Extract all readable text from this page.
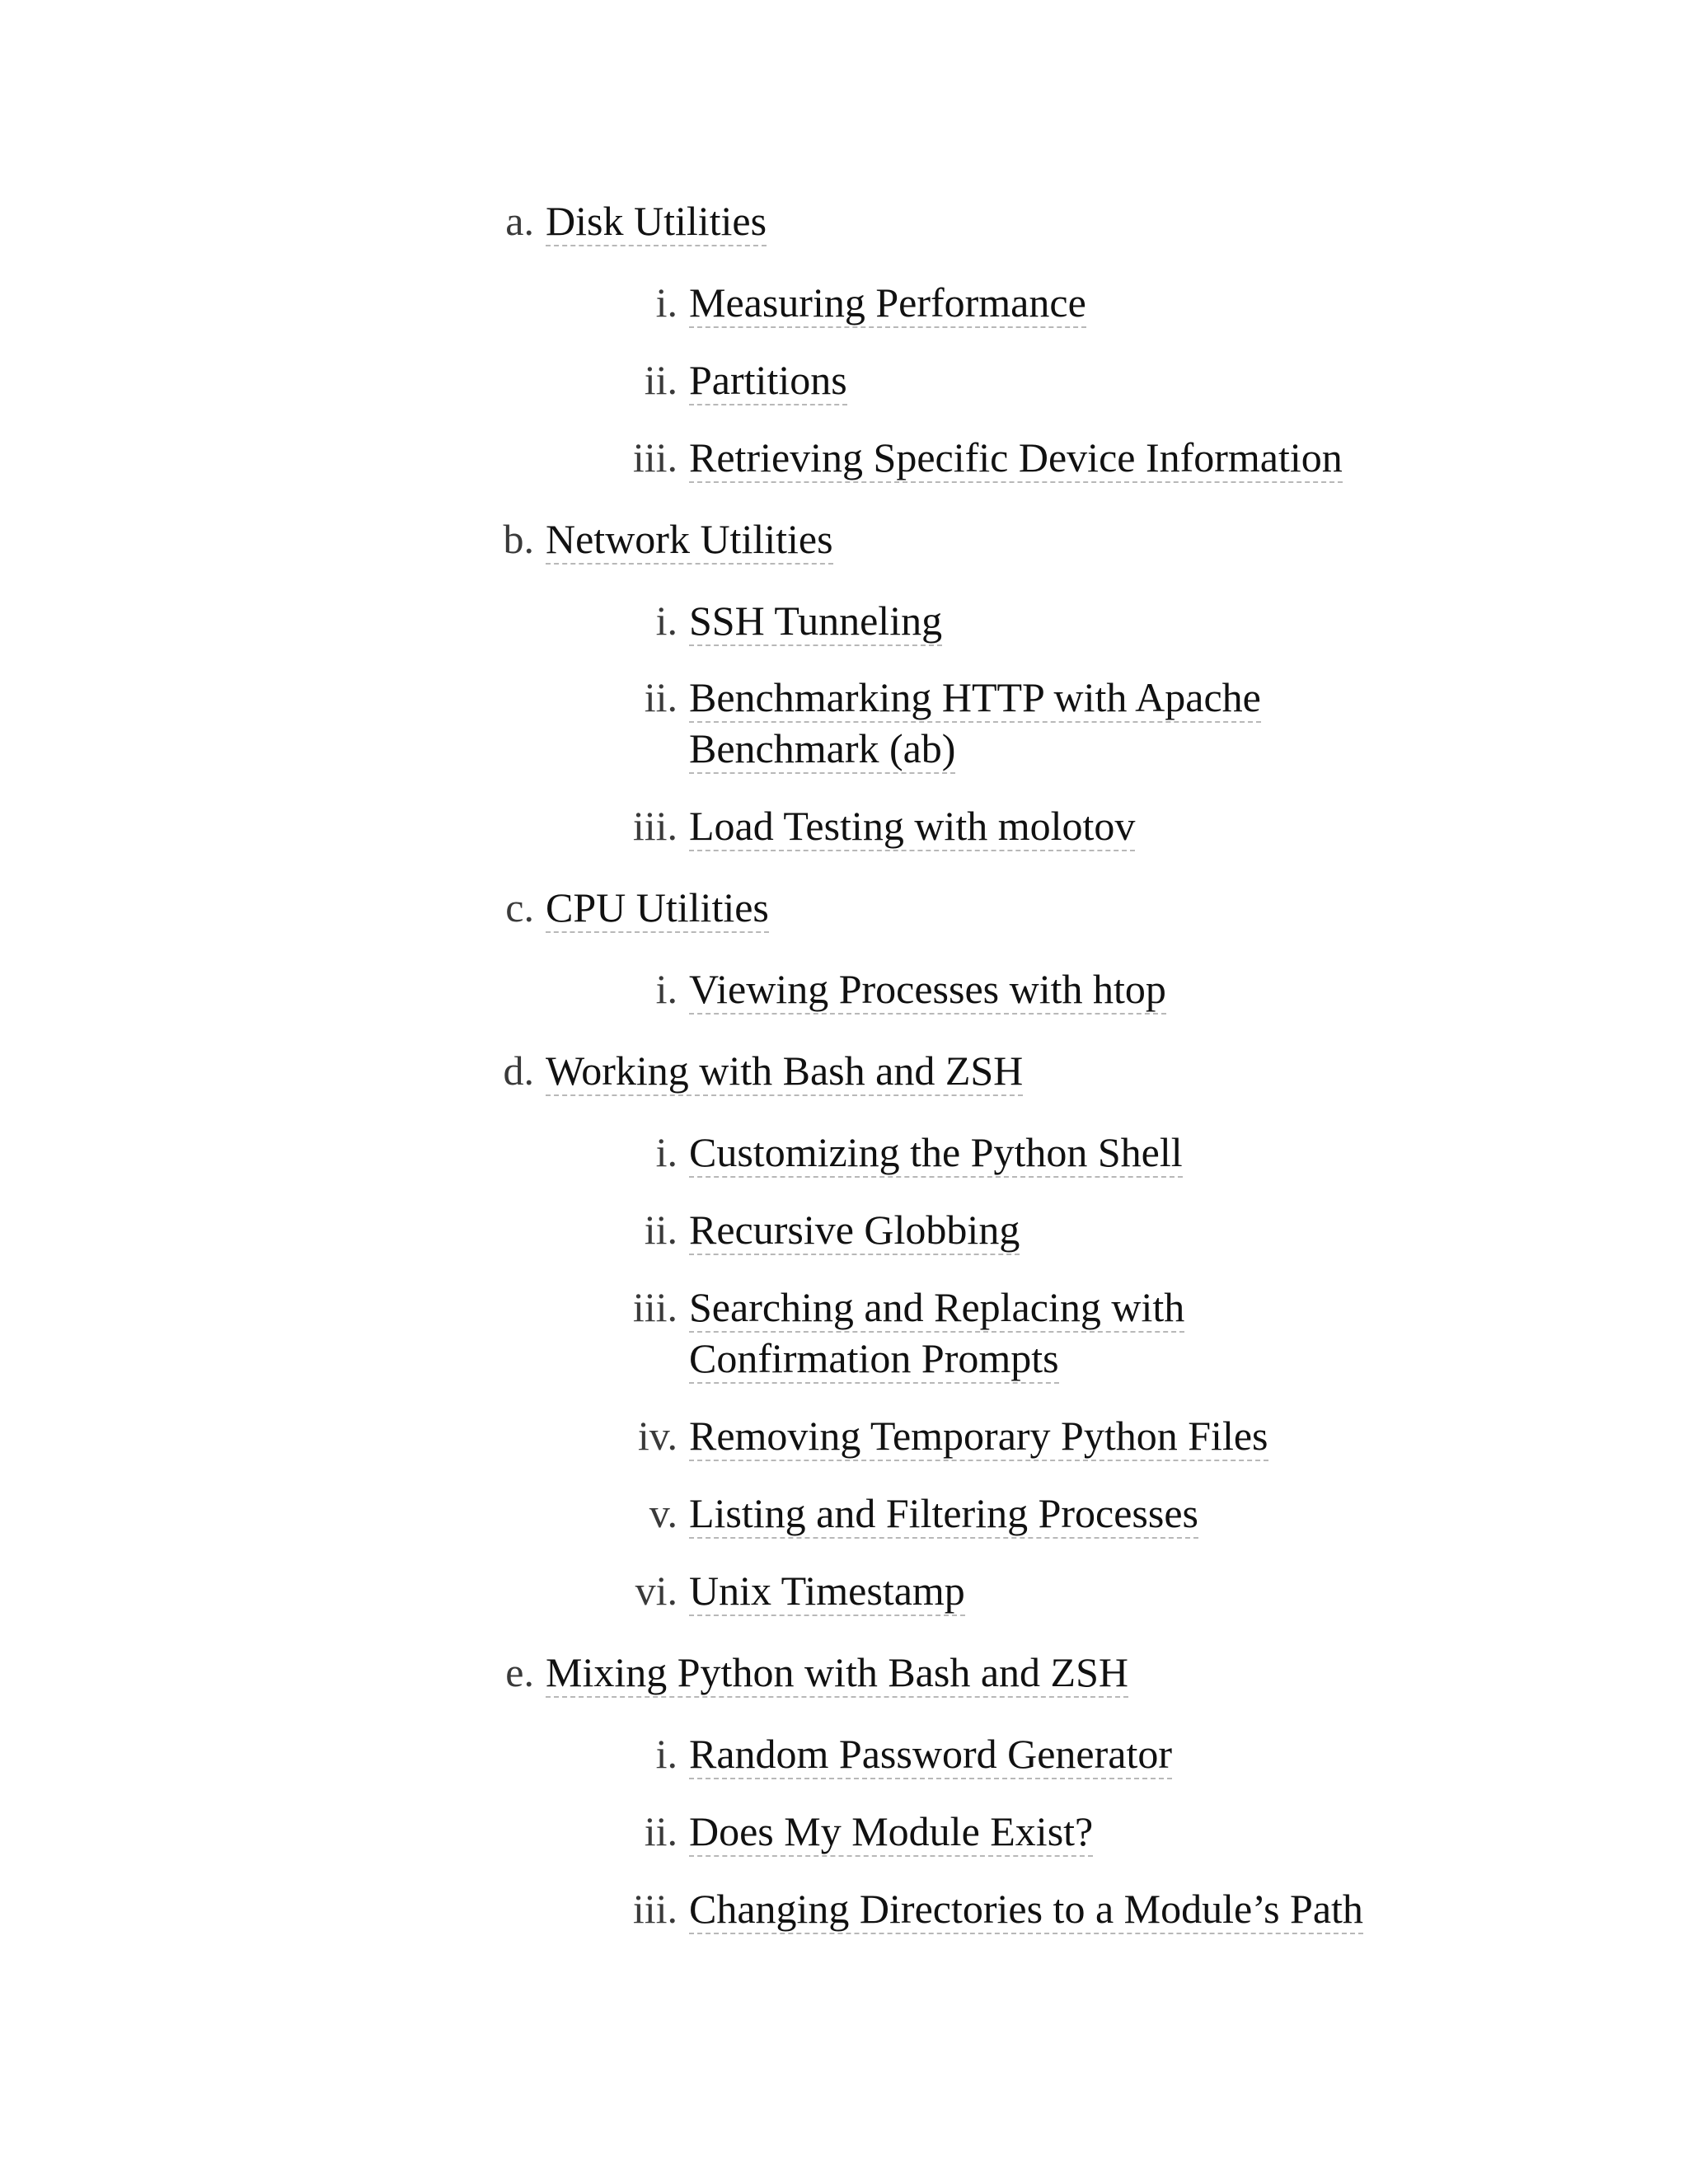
a. Disk Utilities
i. Measuring Performance
ii. Partitions
iii. Retrieving Specific Device Information
b. Network Utilities
i. SSH Tunneling
ii. Benchmarking HTTP with Apache
Benchmark (ab)
iii. Load Testing with molotov
c. CPU Utilities
i. Viewing Processes with htop
d. Working with Bash and ZSH
i. Customizing the Python Shell
ii. Recursive Globbing
iii. Searching and Replacing with
Confirmation Prompts
iv. Removing Temporary Python Files
v. Listing and Filtering Processes
vi. Unix Timestamp
e. Mixing Python with Bash and ZSH
i. Random Password Generator
ii. Does My Module Exist?
iii. Changing Directories to a Module’s Path
